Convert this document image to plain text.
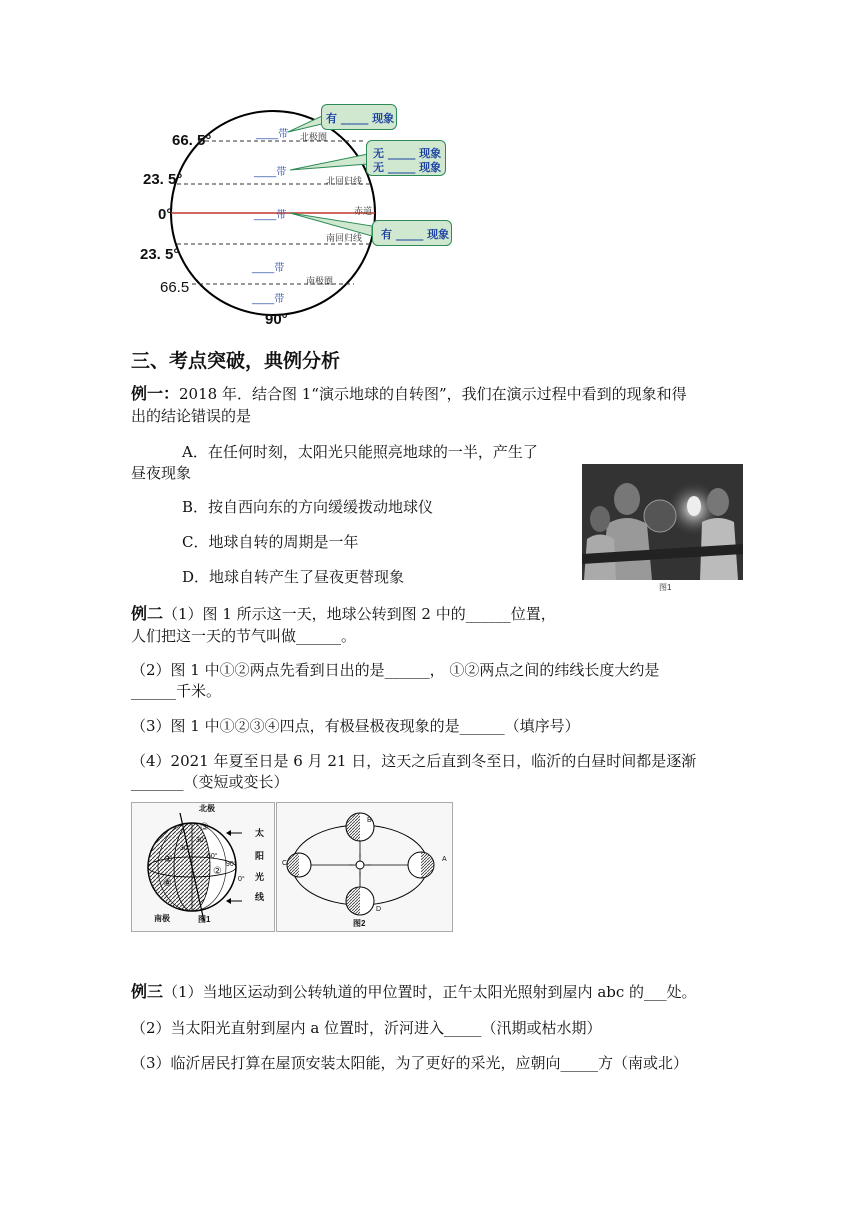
66. 5°
23. 5°
0°
23. 5°
66.5
90°
____带
____带
____带
____带
____带
北极圈
北回归线
赤道
南回归线
南极圈
有 _____ 现象
无 _____ 现象
无 _____ 现象
有 _____ 现象
三、考点突破，典例分析
例一：2018 年．结合图 1“演示地球的自转图”，我们在演示过程中看到的现象和得
出的结论错误的是
A．在任何时刻，太阳光只能照亮地球的一半，产生了
昼夜现象
B．按自西向东的方向缓缓拨动地球仪
C．地球自转的周期是一年
D．地球自转产生了昼夜更替现象
图1
例二（1）图 1 所示这一天，地球公转到图 2 中的______位置，
人们把这一天的节气叫做______。
（2）图 1 中①②两点先看到日出的是______， ①②两点之间的纬线长度大约是
______千米。
（3）图 1 中①②③④四点，有极昼极夜现象的是______（填序号）
（4）2021 年夏至日是 6 月 21 日，这天之后直到冬至日，临沂的白昼时间都是逐渐
_______（变短或变长）
北极
南极
太
阳
光
线
③
①
④
②
30°
60°
90°
0°
30°
图1
B
C
A
D
图2
例三（1）当地区运动到公转轨道的甲位置时，正午太阳光照射到屋内 abc 的___处。
（2）当太阳光直射到屋内 a 位置时，沂河进入_____（汛期或枯水期）
（3）临沂居民打算在屋顶安装太阳能，为了更好的采光，应朝向_____方（南或北）
